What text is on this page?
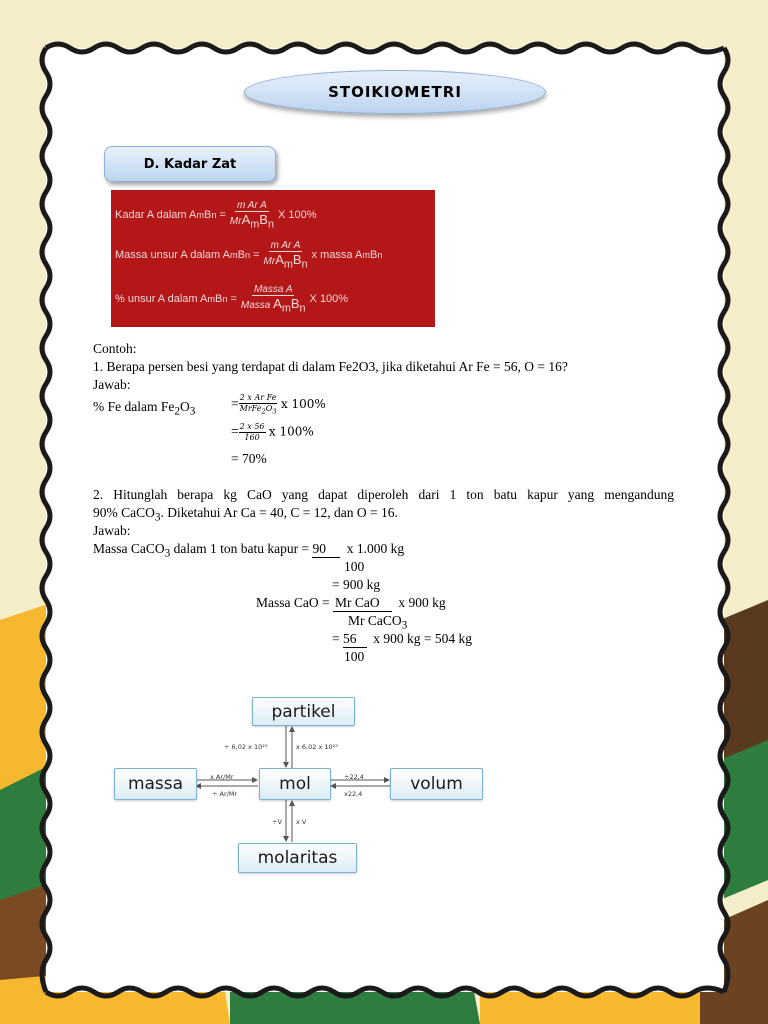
STOIKIOMETRI
D. Kadar Zat
Kadar A dalam A m B $n = \frac{\text{m Ar A}}{MrA_mB_n}$ X 100%
Massa unsur A dalam A m B $n = \frac{\text{m Ar A}}{MrA_mB_n}$ x massa A m B n
% unsur A dalam A m B $n = \frac{\text{Massa A}}{Massa A_mB_n}$ X 100%
Contoh:
1. Berapa persen besi yang terdapat di dalam Fe2O3, jika diketahui Ar Fe = 56, O = 16?
Jawab:
% Fe dalam $Fe_2O_3$
= 2 x Ar Fe
$MrFe_2O_3$
x 100%
= $\frac{2 x 56}{160}$ x 100%
= 70%
2. Hitunglah berapa kg CaO yang dapat diperoleh dari 1 ton batu kapur yang mengandung
90% CaCO$_3$. Diketahui Ar Ca = 40, C = 12, dan O = 16.
Jawab:
Massa CaCO$_3$ dalam 1 ton batu kapur = 90 x 1.000 kg
100
= 900 kg
Massa CaO = Mr CaO x 900 kg
Mr CaCO$_3$
= 56 x 900 kg = 504 kg
100
partikel
mol
massa	volum
molaritas
÷ 6,02 x 10²³	x 6,02 x 10²³
x Ar/Mr
÷ Ar/Mr
÷22,4
x22,4
÷V x V
